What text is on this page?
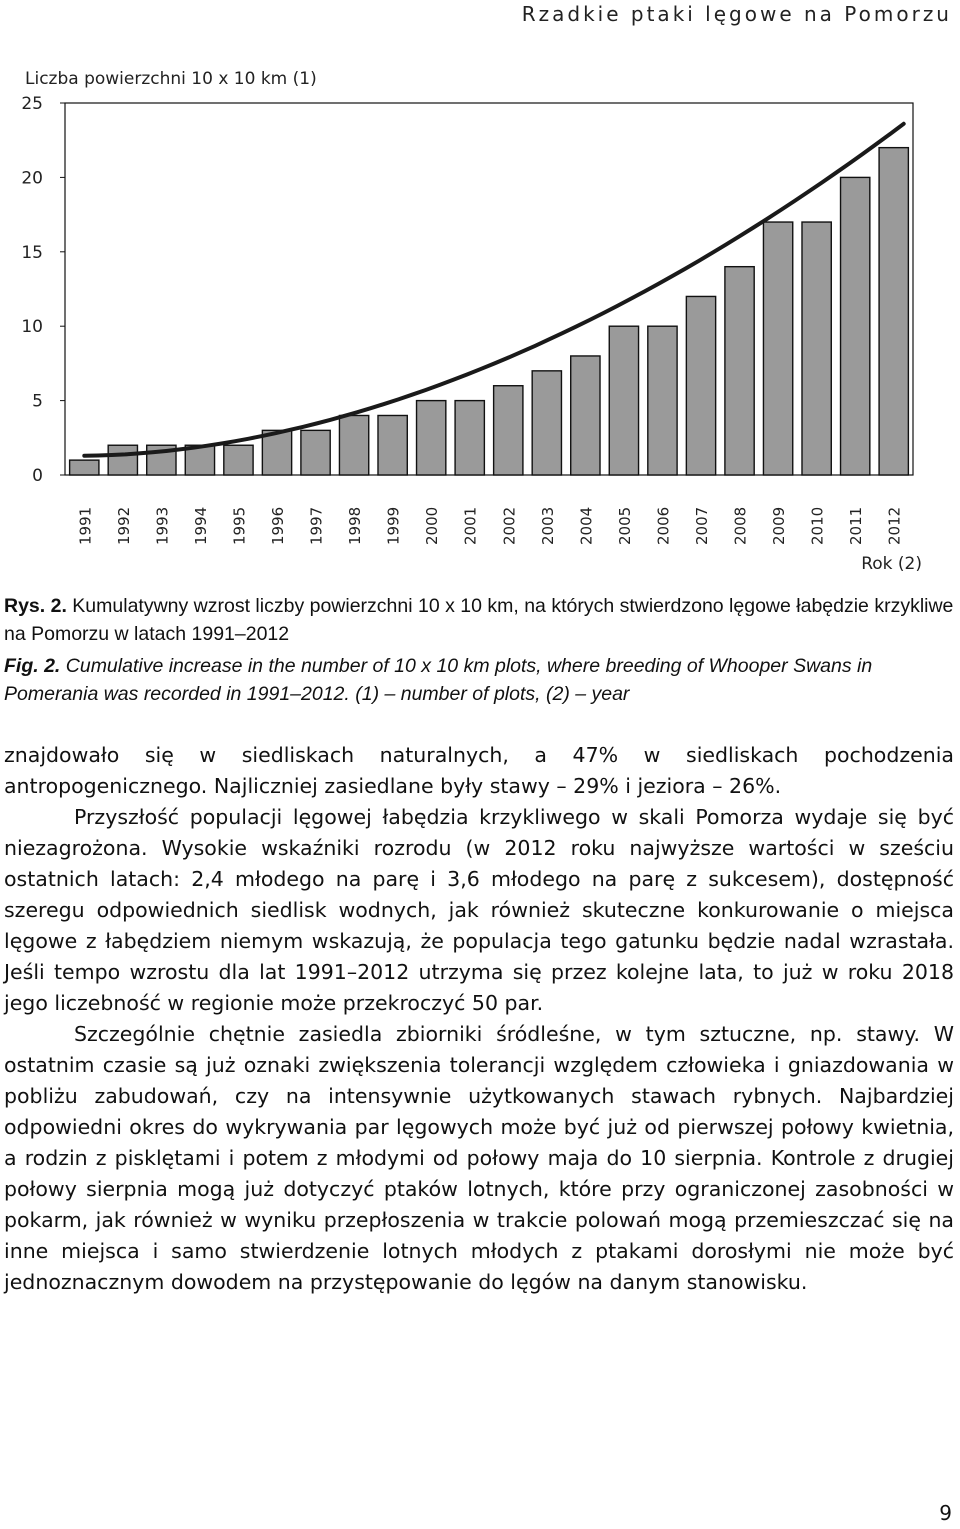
Rzadkie ptaki lęgowe na Pomorzu
Liczba powierzchni 10 x 10 km (1)
0
5
10
15
20
25
1991 1992 1993 1994 1995 1996 1997 1998 1999 2000 2001 2002 2003 2004 2005 2006 2007 2008 2009 2010 2011 2012
Rok (2)
Rys. 2. Kumulatywny wzrost liczby powierzchni 10 x 10 km, na których stwierdzono lęgowe łabędzie krzykliwe na Pomorzu w latach 1991–2012
Fig. 2. Cumulative increase in the number of 10 x 10 km plots, where breeding of Whooper Swans in Pomerania was recorded in 1991–2012. (1) – number of plots, (2) – year

znajdowało się w siedliskach naturalnych, a 47% w siedliskach pochodzenia antropogenicznego. Najliczniej zasiedlane były stawy – 29% i jeziora – 26%.

Przyszłość populacji lęgowej łabędzia krzykliwego w skali Pomorza wydaje się być niezagrożona. Wysokie wskaźniki rozrodu (w 2012 roku najwyższe wartości w sześciu ostatnich latach: 2,4 młodego na parę i 3,6 młodego na parę z sukcesem), dostępność szeregu odpowiednich siedlisk wodnych, jak również skuteczne konkurowanie o miejsca lęgowe z łabędziem niemym wskazują, że populacja tego gatunku będzie nadal wzrastała. Jeśli tempo wzrostu dla lat 1991–2012 utrzyma się przez kolejne lata, to już w roku 2018 jego liczebność w regionie może przekroczyć 50 par.

Szczególnie chętnie zasiedla zbiorniki śródleśne, w tym sztuczne, np. stawy. W ostatnim czasie są już oznaki zwiększenia tolerancji względem człowieka i gniazdowania w pobliżu zabudowań, czy na intensywnie użytkowanych stawach rybnych. Najbardziej odpowiedni okres do wykrywania par lęgowych może być już od pierwszej połowy kwietnia, a rodzin z pisklętami i potem z młodymi od połowy maja do 10 sierpnia. Kontrole z drugiej połowy sierpnia mogą już dotyczyć ptaków lotnych, które przy ograniczonej zasobności w pokarm, jak również w wyniku przepłoszenia w trakcie polowań mogą przemieszczać się na inne miejsca i samo stwierdzenie lotnych młodych z ptakami dorosłymi nie może być jednoznacznym dowodem na przystępowanie do lęgów na danym stanowisku.

9
